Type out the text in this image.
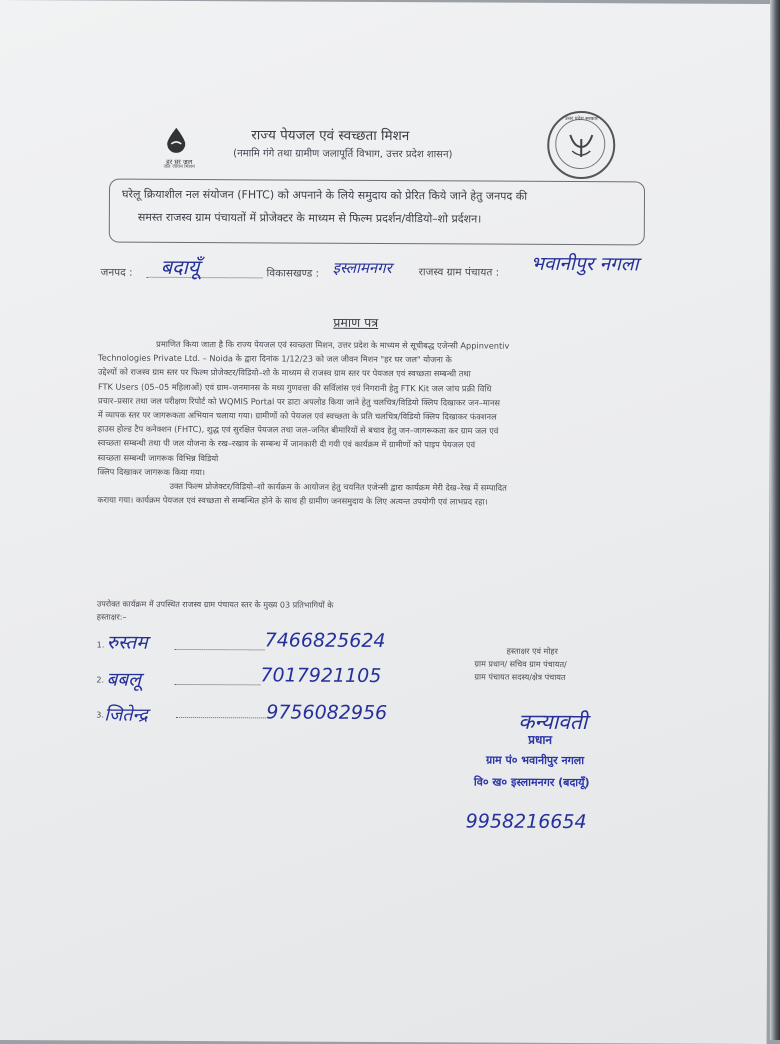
हर घर जल
जल जीवन मिशन
राज्य पेयजल एवं स्वच्छता मिशन
(नमामि गंगे तथा ग्रामीण जलापूर्ति विभाग, उत्तर प्रदेश शासन)
उत्तर प्रदेश सरकार
घरेलू क्रियाशील नल संयोजन (FHTC) को अपनाने के लिये समुदाय को प्रेरित किये जाने हेतु जनपद की
समस्त राजस्व ग्राम पंचायतों में प्रोजेक्टर के माध्यम से फिल्म प्रदर्शन/वीडियो–शो प्रर्दशन।
जनपद : बदायूँ	विकासखण्ड : इस्लामनगर	राजस्व ग्राम पंचायत : भवानीपुर नगला
प्रमाण पत्र
प्रमाणित किया जाता है कि राज्य पेयजल एवं स्वच्छता मिशन, उत्तर प्रदेश के माध्यम से सूचीबद्ध एजेन्सी Appinventiv
Technologies Private Ltd. – Noida के द्वारा दिनांक 1/12/23 को जल जीवन मिशन "हर घर जल" योजना के
उद्देश्यों को राजस्व ग्राम स्तर पर फिल्म प्रोजेक्टर/विडियो–शो के माध्यम से राजस्व ग्राम स्तर पर पेयजल एवं स्वच्छता सम्बन्धी तथा
FTK Users (05–05 महिलाओं) एवं ग्राम–जनमानस के मध्य गुणवत्ता की सर्विलांस एवं निगरानी हेतु FTK Kit जल जांच प्रक्री विधि
प्रचार–प्रसार तथा जल परीक्षण रिपोर्ट को WQMIS Portal पर डाटा अपलोड किया जाने हेतु चलचित्र/विडियो क्लिप दिखाकर जन–मानस
में व्यापक स्तर पर जागरूकता अभियान चलाया गया। ग्रामीणों को पेयजल एवं स्वच्छता के प्रति चलचित्र/विडियो क्लिप दिखाकर फंक्शनल
हाउस होल्ड टैप कनेक्शन (FHTC), शुद्ध एवं सुरक्षित पेयजल तथा जल–जनित बीमारियों से बचाव हेतु जन–जागरूकता कर ग्राम जल एवं
स्वच्छता सम्बन्धी तथा पी जल योजना के रख–रखाव के सम्बन्ध में जानकारी दी गयी एवं कार्यक्रम में ग्रामीणों को पाइप पेयजल एवं
स्वच्छता सम्बन्धी जागरूक विभिन्न विडियो
क्लिप दिखाकर जागरूक किया गया।
उक्त फिल्म प्रोजेक्टर/विडियो–शो कार्यक्रम के आयोजन हेतु चयनित एजेन्सी द्वारा कार्यक्रम मेरी देख–रेख में सम्पादित
कराया गया। कार्यक्रम पेयजल एवं स्वच्छता से सम्बन्धित होने के साथ ही ग्रामीण जनसमुदाय के लिए अत्यन्त उपयोगी एवं लाभप्रद रहा।
उपरोक्त कार्यक्रम में उपस्थित राजस्व ग्राम पंचायत स्तर के मुख्य 03 प्रतिभागियों के
हस्ताक्षर:–
1. रुस्तम	7466825624
2. बबलू	7017921105
3. जितेन्द्र	9756082956
हस्ताक्षर एवं मोहर
ग्राम प्रधान/ सचिव ग्राम पंचायत/
ग्राम पंचायत सदस्य/क्षेत्र पंचायत
कन्यावती
प्रधान
ग्राम पं० भवानीपुर नगला
वि० ख० इस्लामनगर (बदायूँ)
9958216654
